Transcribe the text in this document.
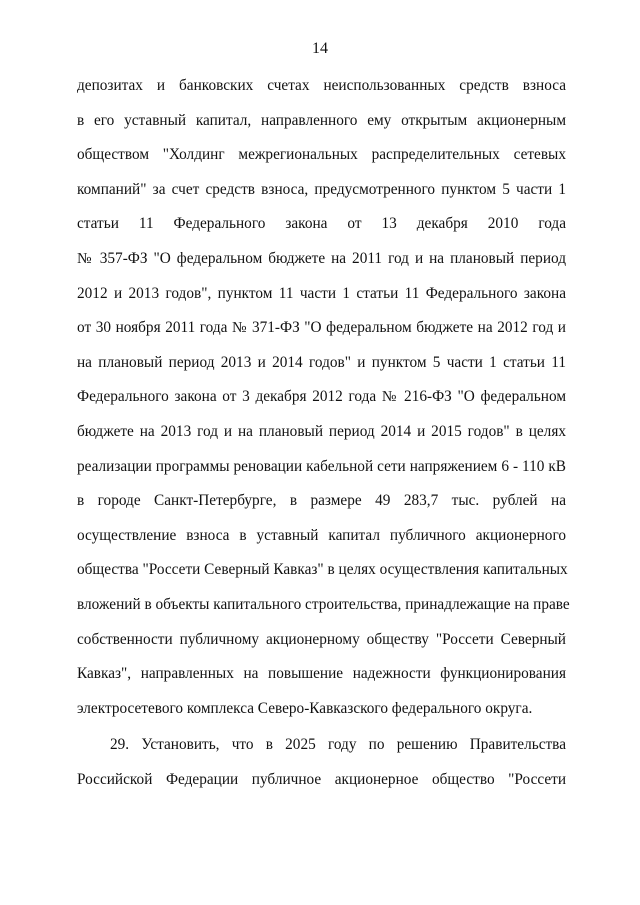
14
депозитах и банковских счетах неиспользованных средств взноса
в его уставный капитал, направленного ему открытым акционерным
обществом "Холдинг межрегиональных распределительных сетевых
компаний" за счет средств взноса, предусмотренного пунктом 5 части 1
статьи 11 Федерального закона от 13 декабря 2010 года
№ 357-ФЗ "О федеральном бюджете на 2011 год и на плановый период
2012 и 2013 годов", пунктом 11 части 1 статьи 11 Федерального закона
от 30 ноября 2011 года № 371-ФЗ "О федеральном бюджете на 2012 год и
на плановый период 2013 и 2014 годов" и пунктом 5 части 1 статьи 11
Федерального закона от 3 декабря 2012 года № 216-ФЗ "О федеральном
бюджете на 2013 год и на плановый период 2014 и 2015 годов" в целях
реализации программы реновации кабельной сети напряжением 6 - 110 кВ
в городе Санкт-Петербурге, в размере 49 283,7 тыс. рублей на
осуществление взноса в уставный капитал публичного акционерного
общества "Россети Северный Кавказ" в целях осуществления капитальных
вложений в объекты капитального строительства, принадлежащие на праве
собственности публичному акционерному обществу "Россети Северный
Кавказ", направленных на повышение надежности функционирования
электросетевого комплекса Северо-Кавказского федерального округа.
29. Установить, что в 2025 году по решению Правительства
Российской Федерации публичное акционерное общество "Россети
